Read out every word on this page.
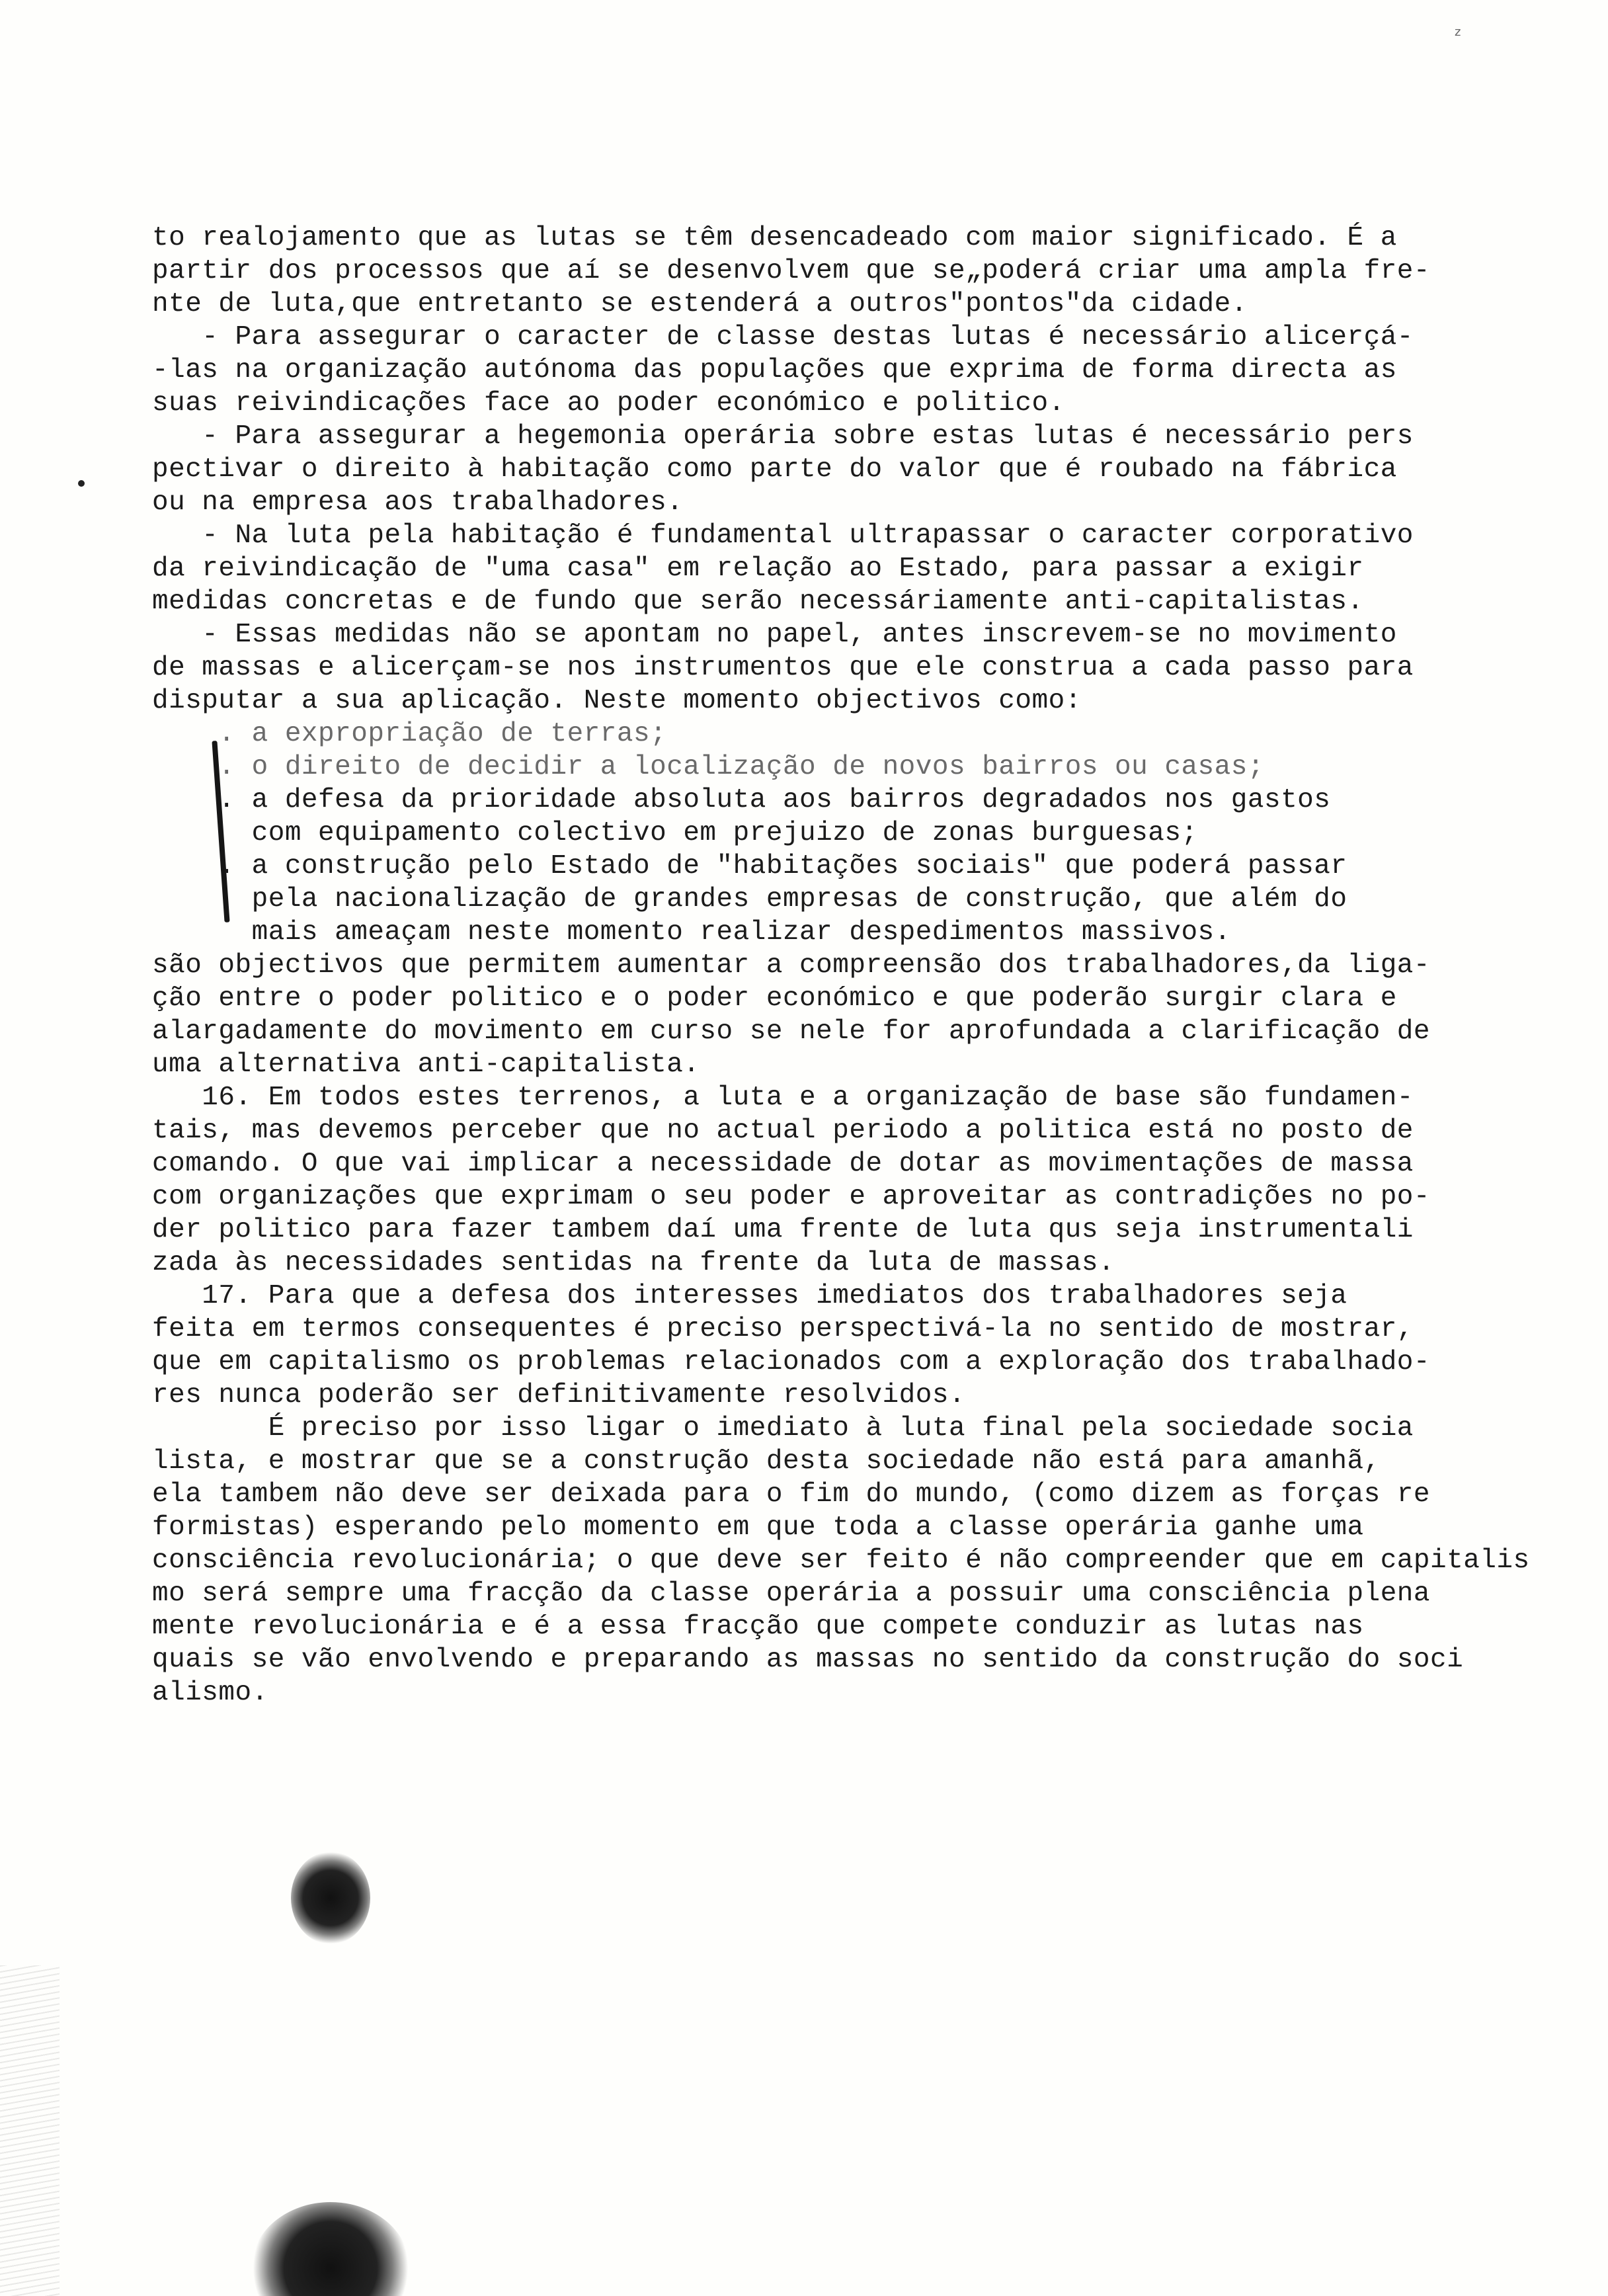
z

to realojamento que as lutas se têm desencadeado com maior significado. É a

partir dos processos que aí se desenvolvem que se„poderá criar uma ampla fre-

nte de luta,que entretanto se estenderá a outros"pontos"da cidade.

- Para assegurar o caracter de classe destas lutas é necessário alicerçá-

-las na organização autónoma das populações que exprima de forma directa as

suas reivindicações face ao poder económico e politico.

- Para assegurar a hegemonia operária sobre estas lutas é necessário pers

pectivar o direito à habitação como parte do valor que é roubado na fábrica

ou na empresa aos trabalhadores.

- Na luta pela habitação é fundamental ultrapassar o caracter corporativo

da reivindicação de "uma casa" em relação ao Estado, para passar a exigir

medidas concretas e de fundo que serão necessáriamente anti-capitalistas.

- Essas medidas não se apontam no papel, antes inscrevem-se no movimento

de massas e alicerçam-se nos instrumentos que ele construa a cada passo para

disputar a sua aplicação. Neste momento objectivos como:

. a expropriação de terras;

. o direito de decidir a localização de novos bairros ou casas;

. a defesa da prioridade absoluta aos bairros degradados nos gastos

com equipamento colectivo em prejuizo de zonas burguesas;

. a construção pelo Estado de "habitações sociais" que poderá passar

pela nacionalização de grandes empresas de construção, que além do

mais ameaçam neste momento realizar despedimentos massivos.

são objectivos que permitem aumentar a compreensão dos trabalhadores,da liga-

ção entre o poder politico e o poder económico e que poderão surgir clara e

alargadamente do movimento em curso se nele for aprofundada a clarificação de

uma alternativa anti-capitalista.

16. Em todos estes terrenos, a luta e a organização de base são fundamen-

tais, mas devemos perceber que no actual periodo a politica está no posto de

comando. O que vai implicar a necessidade de dotar as movimentações de massa

com organizações que exprimam o seu poder e aproveitar as contradições no po-

der politico para fazer tambem daí uma frente de luta qus seja instrumentali

zada às necessidades sentidas na frente da luta de massas.

17. Para que a defesa dos interesses imediatos dos trabalhadores seja

feita em termos consequentes é preciso perspectivá-la no sentido de mostrar,

que em capitalismo os problemas relacionados com a exploração dos trabalhado-

res nunca poderão ser definitivamente resolvidos.

É preciso por isso ligar o imediato à luta final pela sociedade socia

lista, e mostrar que se a construção desta sociedade não está para amanhã,

ela tambem não deve ser deixada para o fim do mundo, (como dizem as forças re

formistas) esperando pelo momento em que toda a classe operária ganhe uma

consciência revolucionária; o que deve ser feito é não compreender que em capitalis

mo será sempre uma fracção da classe operária a possuir uma consciência plena

mente revolucionária e é a essa fracção que compete conduzir as lutas nas

quais se vão envolvendo e preparando as massas no sentido da construção do soci

alismo.
